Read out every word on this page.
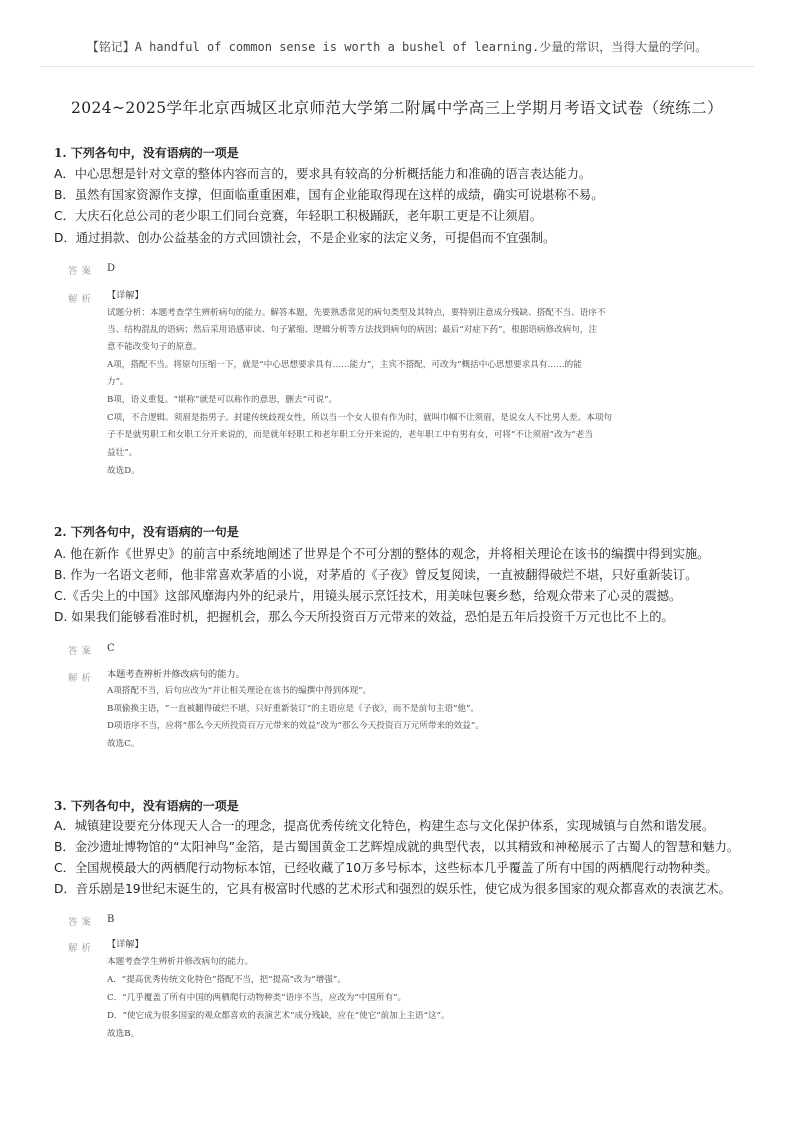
【铭记】A handful of common sense is worth a bushel of learning.少量的常识，当得大量的学问。
2024~2025学年北京西城区北京师范大学第二附属中学高三上学期月考语文试卷（统练二）
1. 下列各句中，没有语病的一项是
A．中心思想是针对文章的整体内容而言的，要求具有较高的分析概括能力和准确的语言表达能力。
B．虽然有国家资源作支撑，但面临重重困难，国有企业能取得现在这样的成绩，确实可说堪称不易。
C．大庆石化总公司的老少职工们同台竞赛，年轻职工积极踊跃，老年职工更是不让须眉。
D．通过捐款、创办公益基金的方式回馈社会，不是企业家的法定义务，可提倡而不宜强制。
答案 D
解析 【详解】
试题分析：本题考查学生辨析病句的能力。解答本题，先要熟悉常见的病句类型及其特点，要特别注意成分残缺、搭配不当、语序不
当、结构混乱的语病；然后采用语感审读、句子紧缩、逻辑分析等方法找到病句的病因；最后“对症下药”，根据语病修改病句，注
意不能改变句子的原意。
A项，搭配不当。将原句压缩一下，就是“中心思想要求具有……能力”，主宾不搭配，可改为“概括中心思想要求具有……的能
力”。
B项，语义重复。“堪称”就是可以称作的意思，删去“可说”。
C项，不合逻辑。须眉是指男子。封建传统歧视女性，所以当一个女人很有作为时，就叫巾帼不让须眉，是说女人不比男人差。本项句
子不是就男职工和女职工分开来说的，而是就年轻职工和老年职工分开来说的，老年职工中有男有女，可将“不让须眉”改为“老当
益壮”。
故选D。
2. 下列各句中，没有语病的一句是
A. 他在新作《世界史》的前言中系统地阐述了世界是个不可分割的整体的观念，并将相关理论在该书的编撰中得到实施。
B. 作为一名语文老师，他非常喜欢茅盾的小说，对茅盾的《子夜》曾反复阅读，一直被翻得破烂不堪，只好重新装订。
C.《舌尖上的中国》这部风靡海内外的纪录片，用镜头展示烹饪技术，用美味包裹乡愁，给观众带来了心灵的震撼。
D. 如果我们能够看准时机，把握机会，那么今天所投资百万元带来的效益，恐怕是五年后投资千万元也比不上的。
答案 C
解析 本题考查辨析并修改病句的能力。
A项搭配不当，后句应改为“并让相关理论在该书的编撰中得到体现”。
B项偷换主语，“一直被翻得破烂不堪，只好重新装订”的主语应是《子夜》，而不是前句主语“他”。
D项语序不当，应将“那么今天所投资百万元带来的效益”改为“那么今天投资百万元所带来的效益”。
故选C。
3. 下列各句中，没有语病的一项是
A．城镇建设要充分体现天人合一的理念，提高优秀传统文化特色，构建生态与文化保护体系，实现城镇与自然和谐发展。
B．金沙遗址博物馆的“太阳神鸟”金箔，是古蜀国黄金工艺辉煌成就的典型代表，以其精致和神秘展示了古蜀人的智慧和魅力。
C．全国规模最大的两栖爬行动物标本馆，已经收藏了10万多号标本，这些标本几乎覆盖了所有中国的两栖爬行动物种类。
D．音乐剧是19世纪末诞生的，它具有极富时代感的艺术形式和强烈的娱乐性，使它成为很多国家的观众都喜欢的表演艺术。
答案 B
解析 【详解】
本题考查学生辨析并修改病句的能力。
A．“提高优秀传统文化特色”搭配不当，把“提高”改为“增强”。
C．“几乎覆盖了所有中国的两栖爬行动物种类”语序不当，应改为“中国所有”。
D．“使它成为很多国家的观众都喜欢的表演艺术”成分残缺，应在“使它”前加上主语“这”。
故选B。
